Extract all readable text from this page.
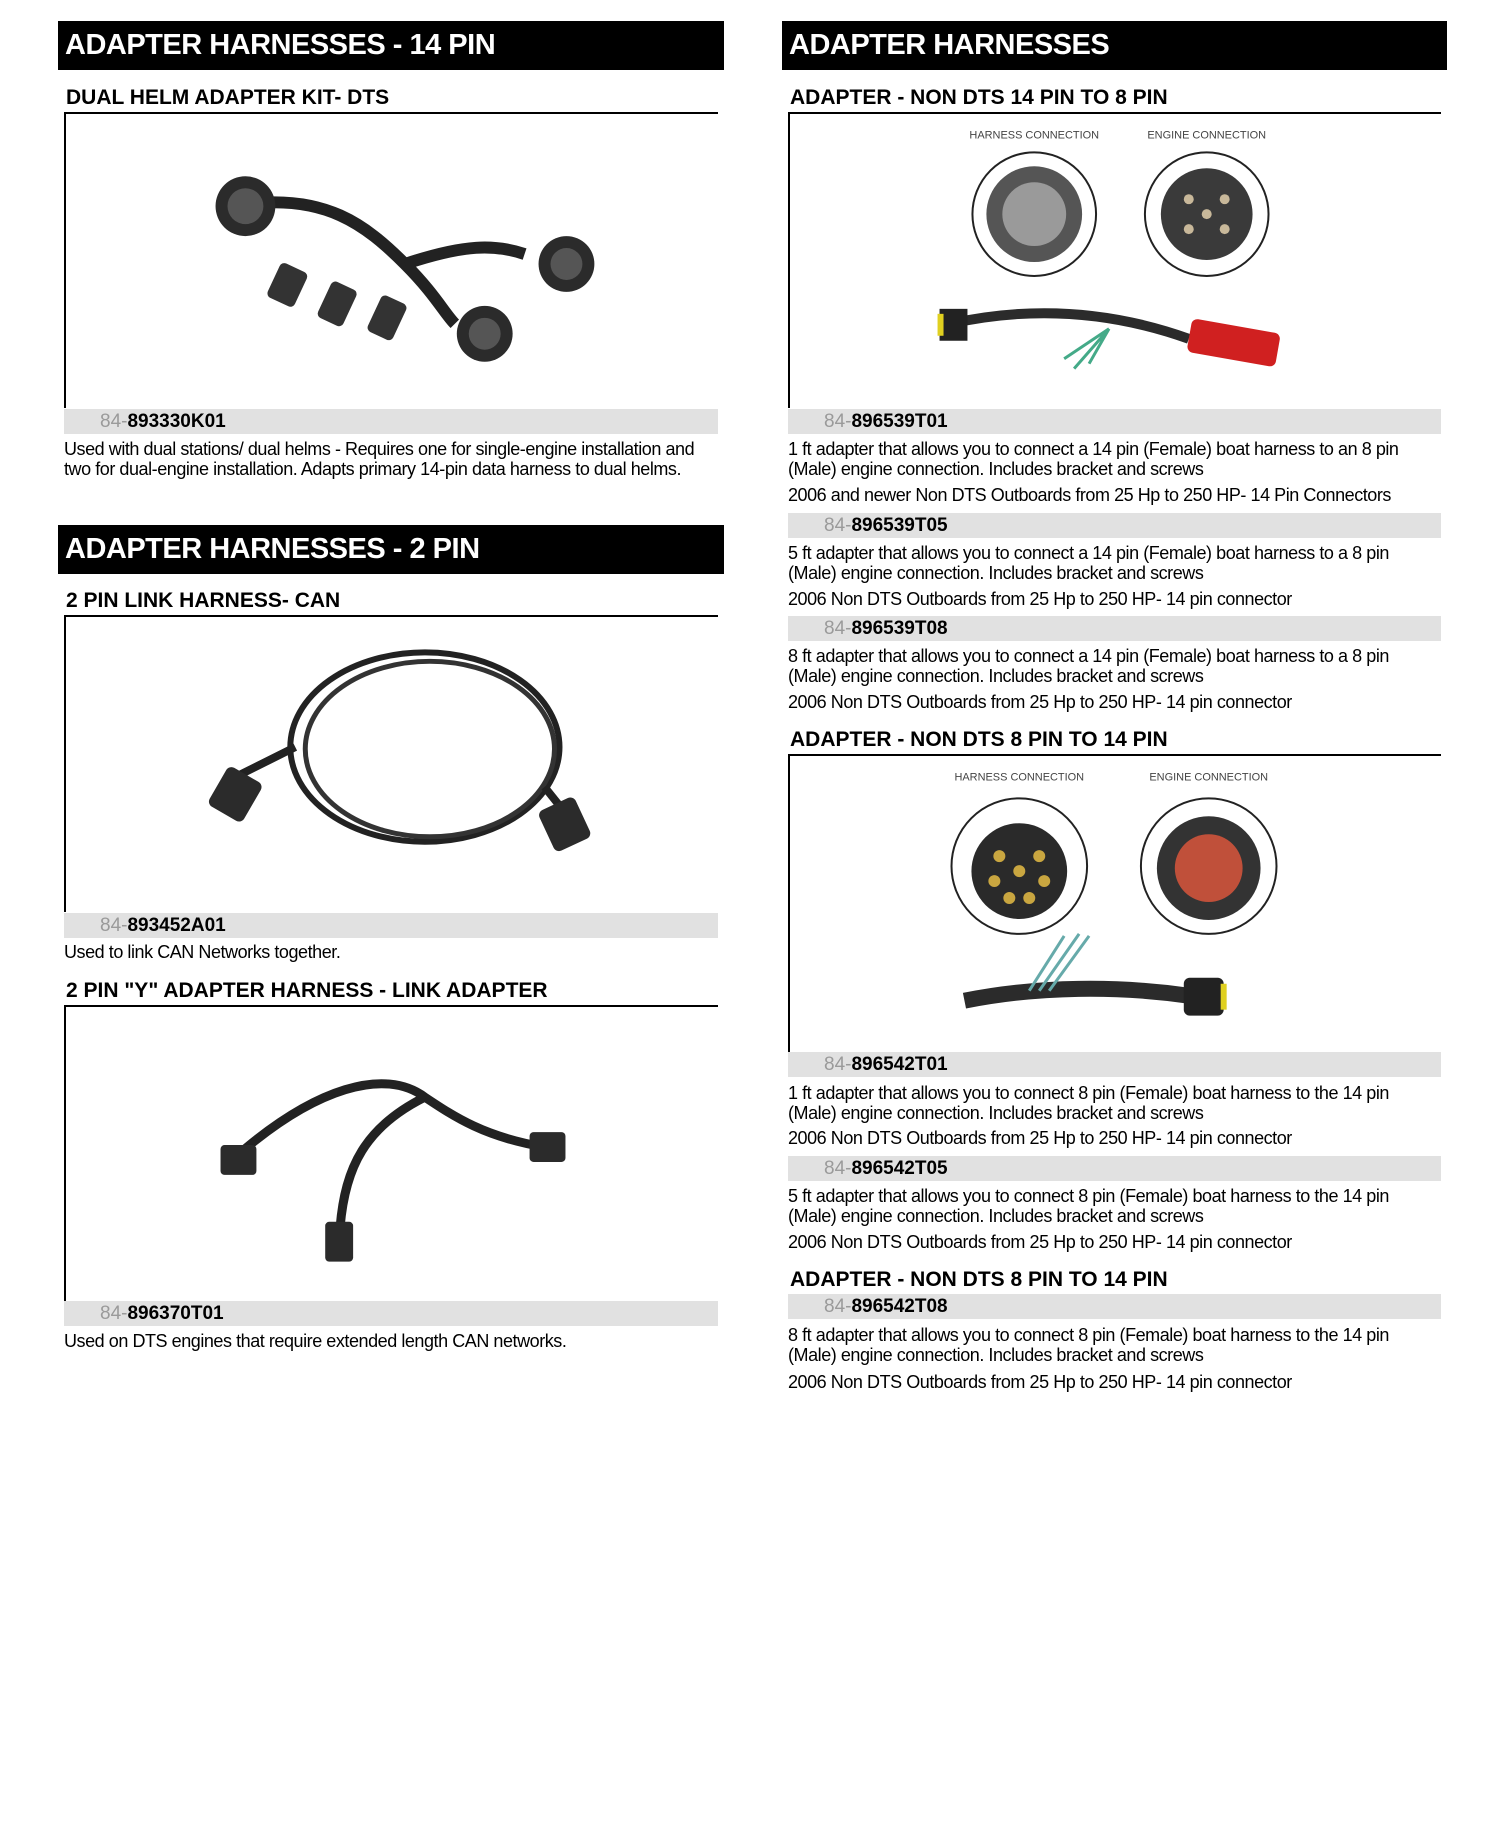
ADAPTER HARNESSES - 14 PIN
DUAL HELM ADAPTER KIT- DTS
84-893330K01
Used with dual stations/ dual helms - Requires one for single-engine installation and two for dual-engine installation. Adapts primary 14-pin data harness to dual helms.
ADAPTER HARNESSES - 2 PIN
2 PIN LINK HARNESS- CAN
84-893452A01
Used to link CAN Networks together.
2 PIN "Y" ADAPTER HARNESS - LINK ADAPTER
84-896370T01
Used on DTS engines that require extended length CAN networks.
ADAPTER HARNESSES
ADAPTER - NON DTS 14 PIN TO 8 PIN
HARNESS CONNECTION	ENGINE CONNECTION
84-896539T01
1 ft adapter that allows you to connect a 14 pin (Female) boat harness to an 8 pin (Male) engine connection. Includes bracket and screws
2006 and newer Non DTS Outboards from 25 Hp to 250 HP- 14 Pin Connectors
84-896539T05
5 ft adapter that allows you to connect a 14 pin (Female) boat harness to a 8 pin (Male) engine connection. Includes bracket and screws
2006 Non DTS Outboards from 25 Hp to 250 HP- 14 pin connector
84-896539T08
8 ft adapter that allows you to connect a 14 pin (Female) boat harness to a 8 pin (Male) engine connection. Includes bracket and screws
2006 Non DTS Outboards from 25 Hp to 250 HP- 14 pin connector
ADAPTER - NON DTS 8 PIN TO 14 PIN
HARNESS CONNECTION	ENGINE CONNECTION
84-896542T01
1 ft adapter that allows you to connect 8 pin (Female) boat harness to the 14 pin (Male) engine connection. Includes bracket and screws
2006 Non DTS Outboards from 25 Hp to 250 HP- 14 pin connector
84-896542T05
5 ft adapter that allows you to connect 8 pin (Female) boat harness to the 14 pin (Male) engine connection. Includes bracket and screws
2006 Non DTS Outboards from 25 Hp to 250 HP- 14 pin connector
ADAPTER - NON DTS 8 PIN TO 14 PIN
84-896542T08
8 ft adapter that allows you to connect 8 pin (Female) boat harness to the 14 pin (Male) engine connection. Includes bracket and screws
2006 Non DTS Outboards from 25 Hp to 250 HP- 14 pin connector
